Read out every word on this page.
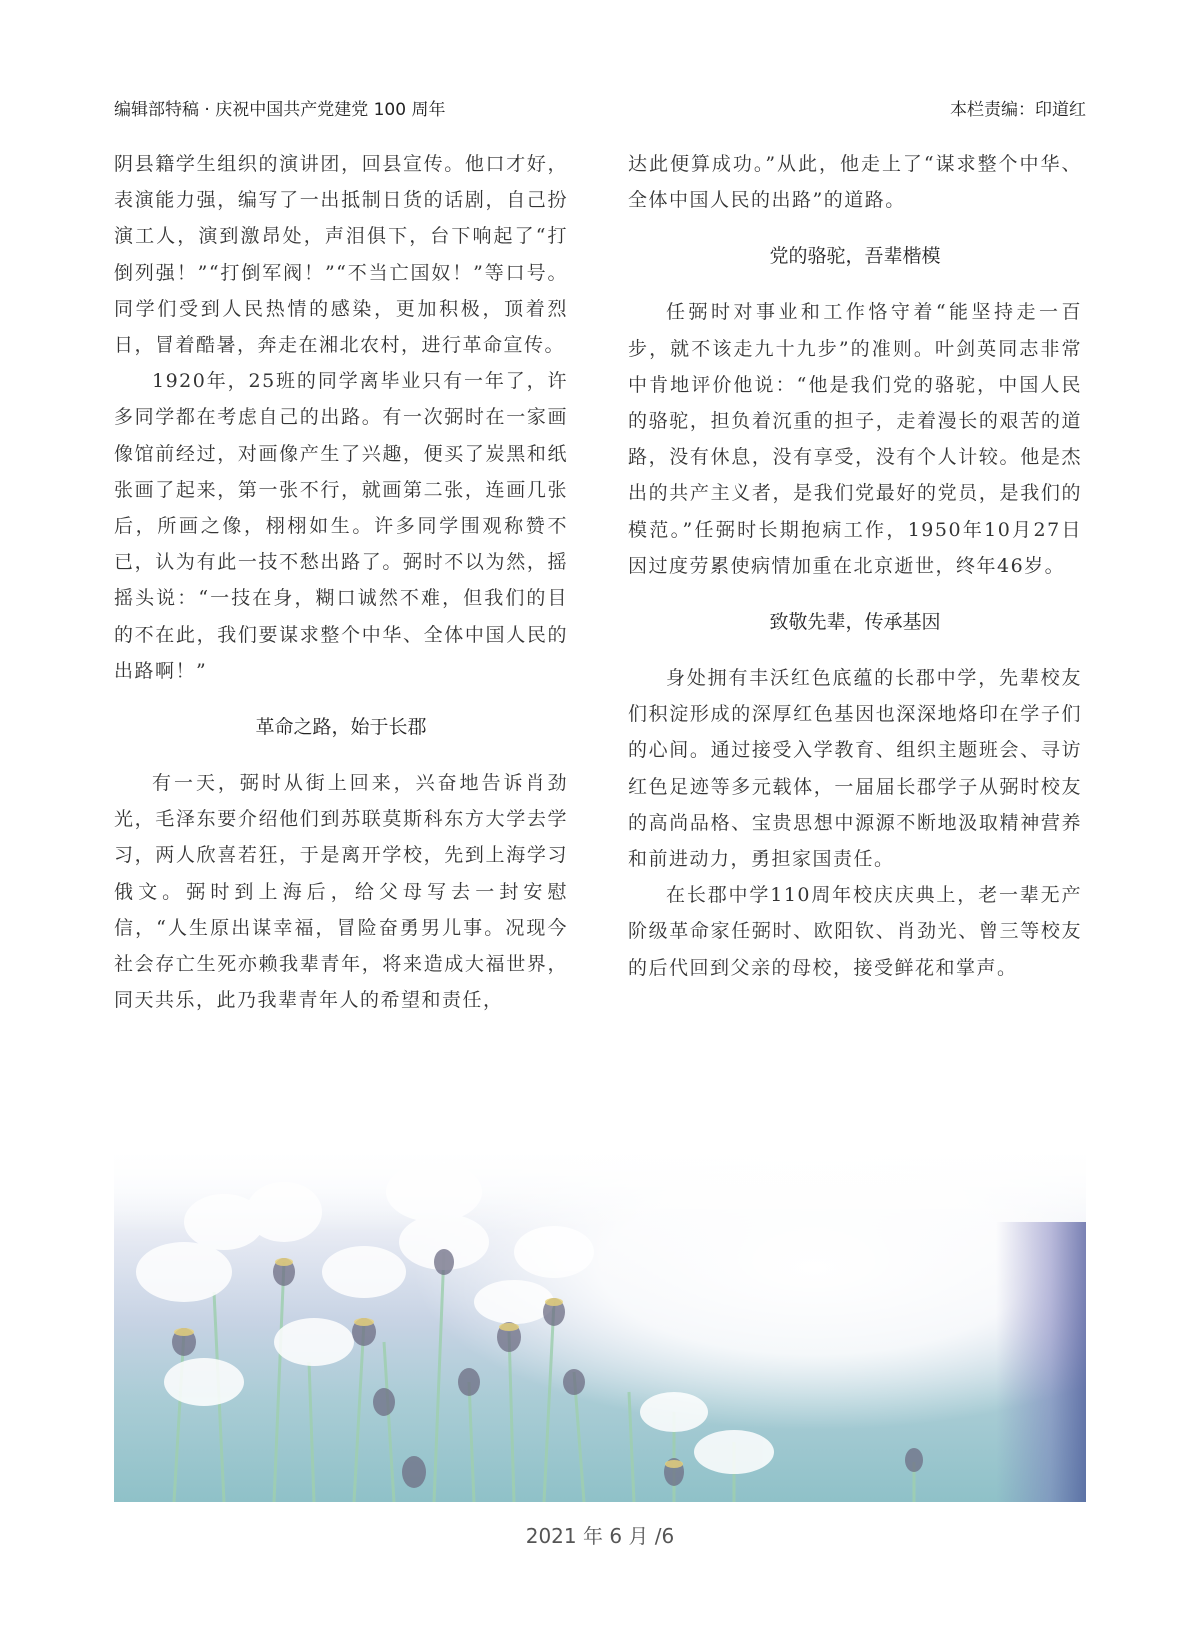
编辑部特稿 · 庆祝中国共产党建党 100 周年	本栏责编：印道红

阴县籍学生组织的演讲团，回县宣传。他口才好，表演能力强，编写了一出抵制日货的话剧，自己扮演工人，演到激昂处，声泪俱下，台下响起了“打倒列强！”“打倒军阀！”“不当亡国奴！”等口号。同学们受到人民热情的感染，更加积极，顶着烈日，冒着酷暑，奔走在湘北农村，进行革命宣传。

1920年，25班的同学离毕业只有一年了，许多同学都在考虑自己的出路。有一次弼时在一家画像馆前经过，对画像产生了兴趣，便买了炭黑和纸张画了起来，第一张不行，就画第二张，连画几张后，所画之像，栩栩如生。许多同学围观称赞不已，认为有此一技不愁出路了。弼时不以为然，摇摇头说：“一技在身，糊口诚然不难，但我们的目的不在此，我们要谋求整个中华、全体中国人民的出路啊！”

革命之路，始于长郡

有一天，弼时从街上回来，兴奋地告诉肖劲光，毛泽东要介绍他们到苏联莫斯科东方大学去学习，两人欣喜若狂，于是离开学校，先到上海学习俄文。弼时到上海后，给父母写去一封安慰信，“人生原出谋幸福，冒险奋勇男儿事。况现今社会存亡生死亦赖我辈青年，将来造成大福世界，同天共乐，此乃我辈青年人的希望和责任，

达此便算成功。”从此，他走上了“谋求整个中华、全体中国人民的出路”的道路。

党的骆驼，吾辈楷模

任弼时对事业和工作恪守着“能坚持走一百步，就不该走九十九步”的准则。叶剑英同志非常中肯地评价他说：“他是我们党的骆驼，中国人民的骆驼，担负着沉重的担子，走着漫长的艰苦的道路，没有休息，没有享受，没有个人计较。他是杰出的共产主义者，是我们党最好的党员，是我们的模范。”任弼时长期抱病工作，1950年10月27日因过度劳累使病情加重在北京逝世，终年46岁。

致敬先辈，传承基因

身处拥有丰沃红色底蕴的长郡中学，先辈校友们积淀形成的深厚红色基因也深深地烙印在学子们的心间。通过接受入学教育、组织主题班会、寻访红色足迹等多元载体，一届届长郡学子从弼时校友的高尚品格、宝贵思想中源源不断地汲取精神营养和前进动力，勇担家国责任。

在长郡中学110周年校庆庆典上，老一辈无产阶级革命家任弼时、欧阳钦、肖劲光、曾三等校友的后代回到父亲的母校，接受鲜花和掌声。

2021 年 6 月 /6
